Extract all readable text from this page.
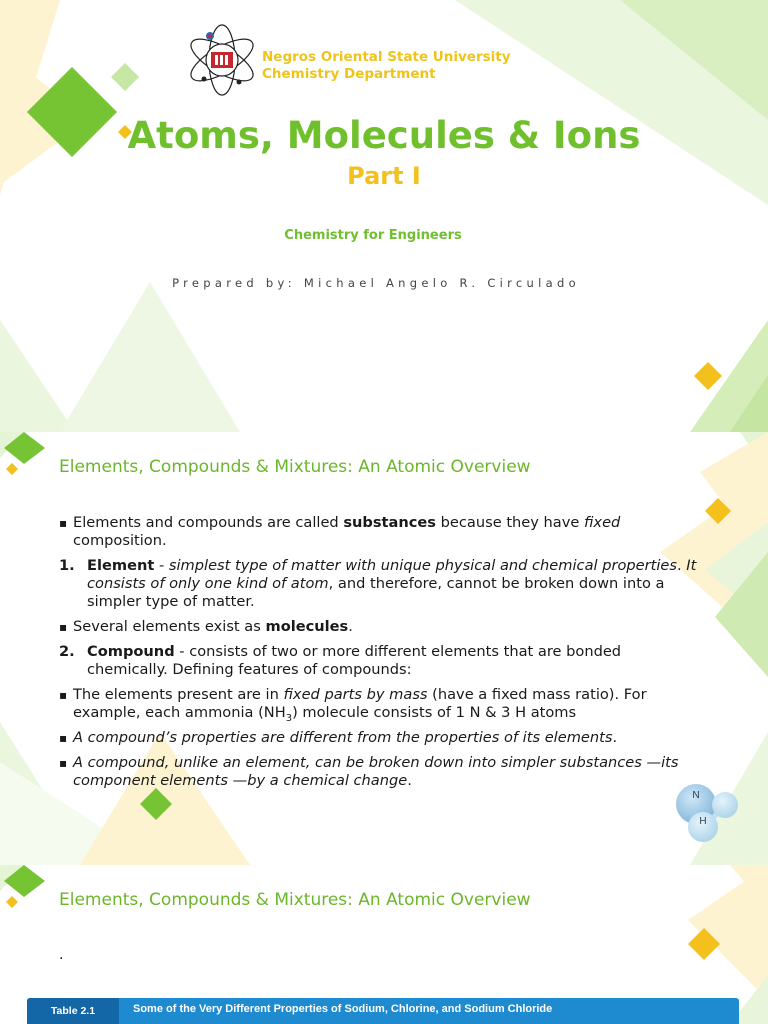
Negros Oriental State University
Chemistry Department

Atoms, Molecules & Ions

Part I

Chemistry for Engineers

Prepared by: Michael Angelo R. Circulado

Elements, Compounds & Mixtures: An Atomic Overview

▪ Elements and compounds are called substances because they have fixed composition.
1. Element - simplest type of matter with unique physical and chemical properties. It consists of only one kind of atom, and therefore, cannot be broken down into a simpler type of matter.
▪ Several elements exist as molecules.
2. Compound - consists of two or more different elements that are bonded chemically. Defining features of compounds:
▪ The elements present are in fixed parts by mass (have a fixed mass ratio). For example, each ammonia $(NH_3)$ molecule consists of 1 N & 3 H atoms
▪ A compound’s properties are different from the properties of its elements.
▪ A compound, unlike an element, can be broken down into simpler substances —its component elements —by a chemical change.
N
H

Elements, Compounds & Mixtures: An Atomic Overview

.

Table 2.1	Some of the Very Different Properties of Sodium, Chlorine, and Sodium Chloride
